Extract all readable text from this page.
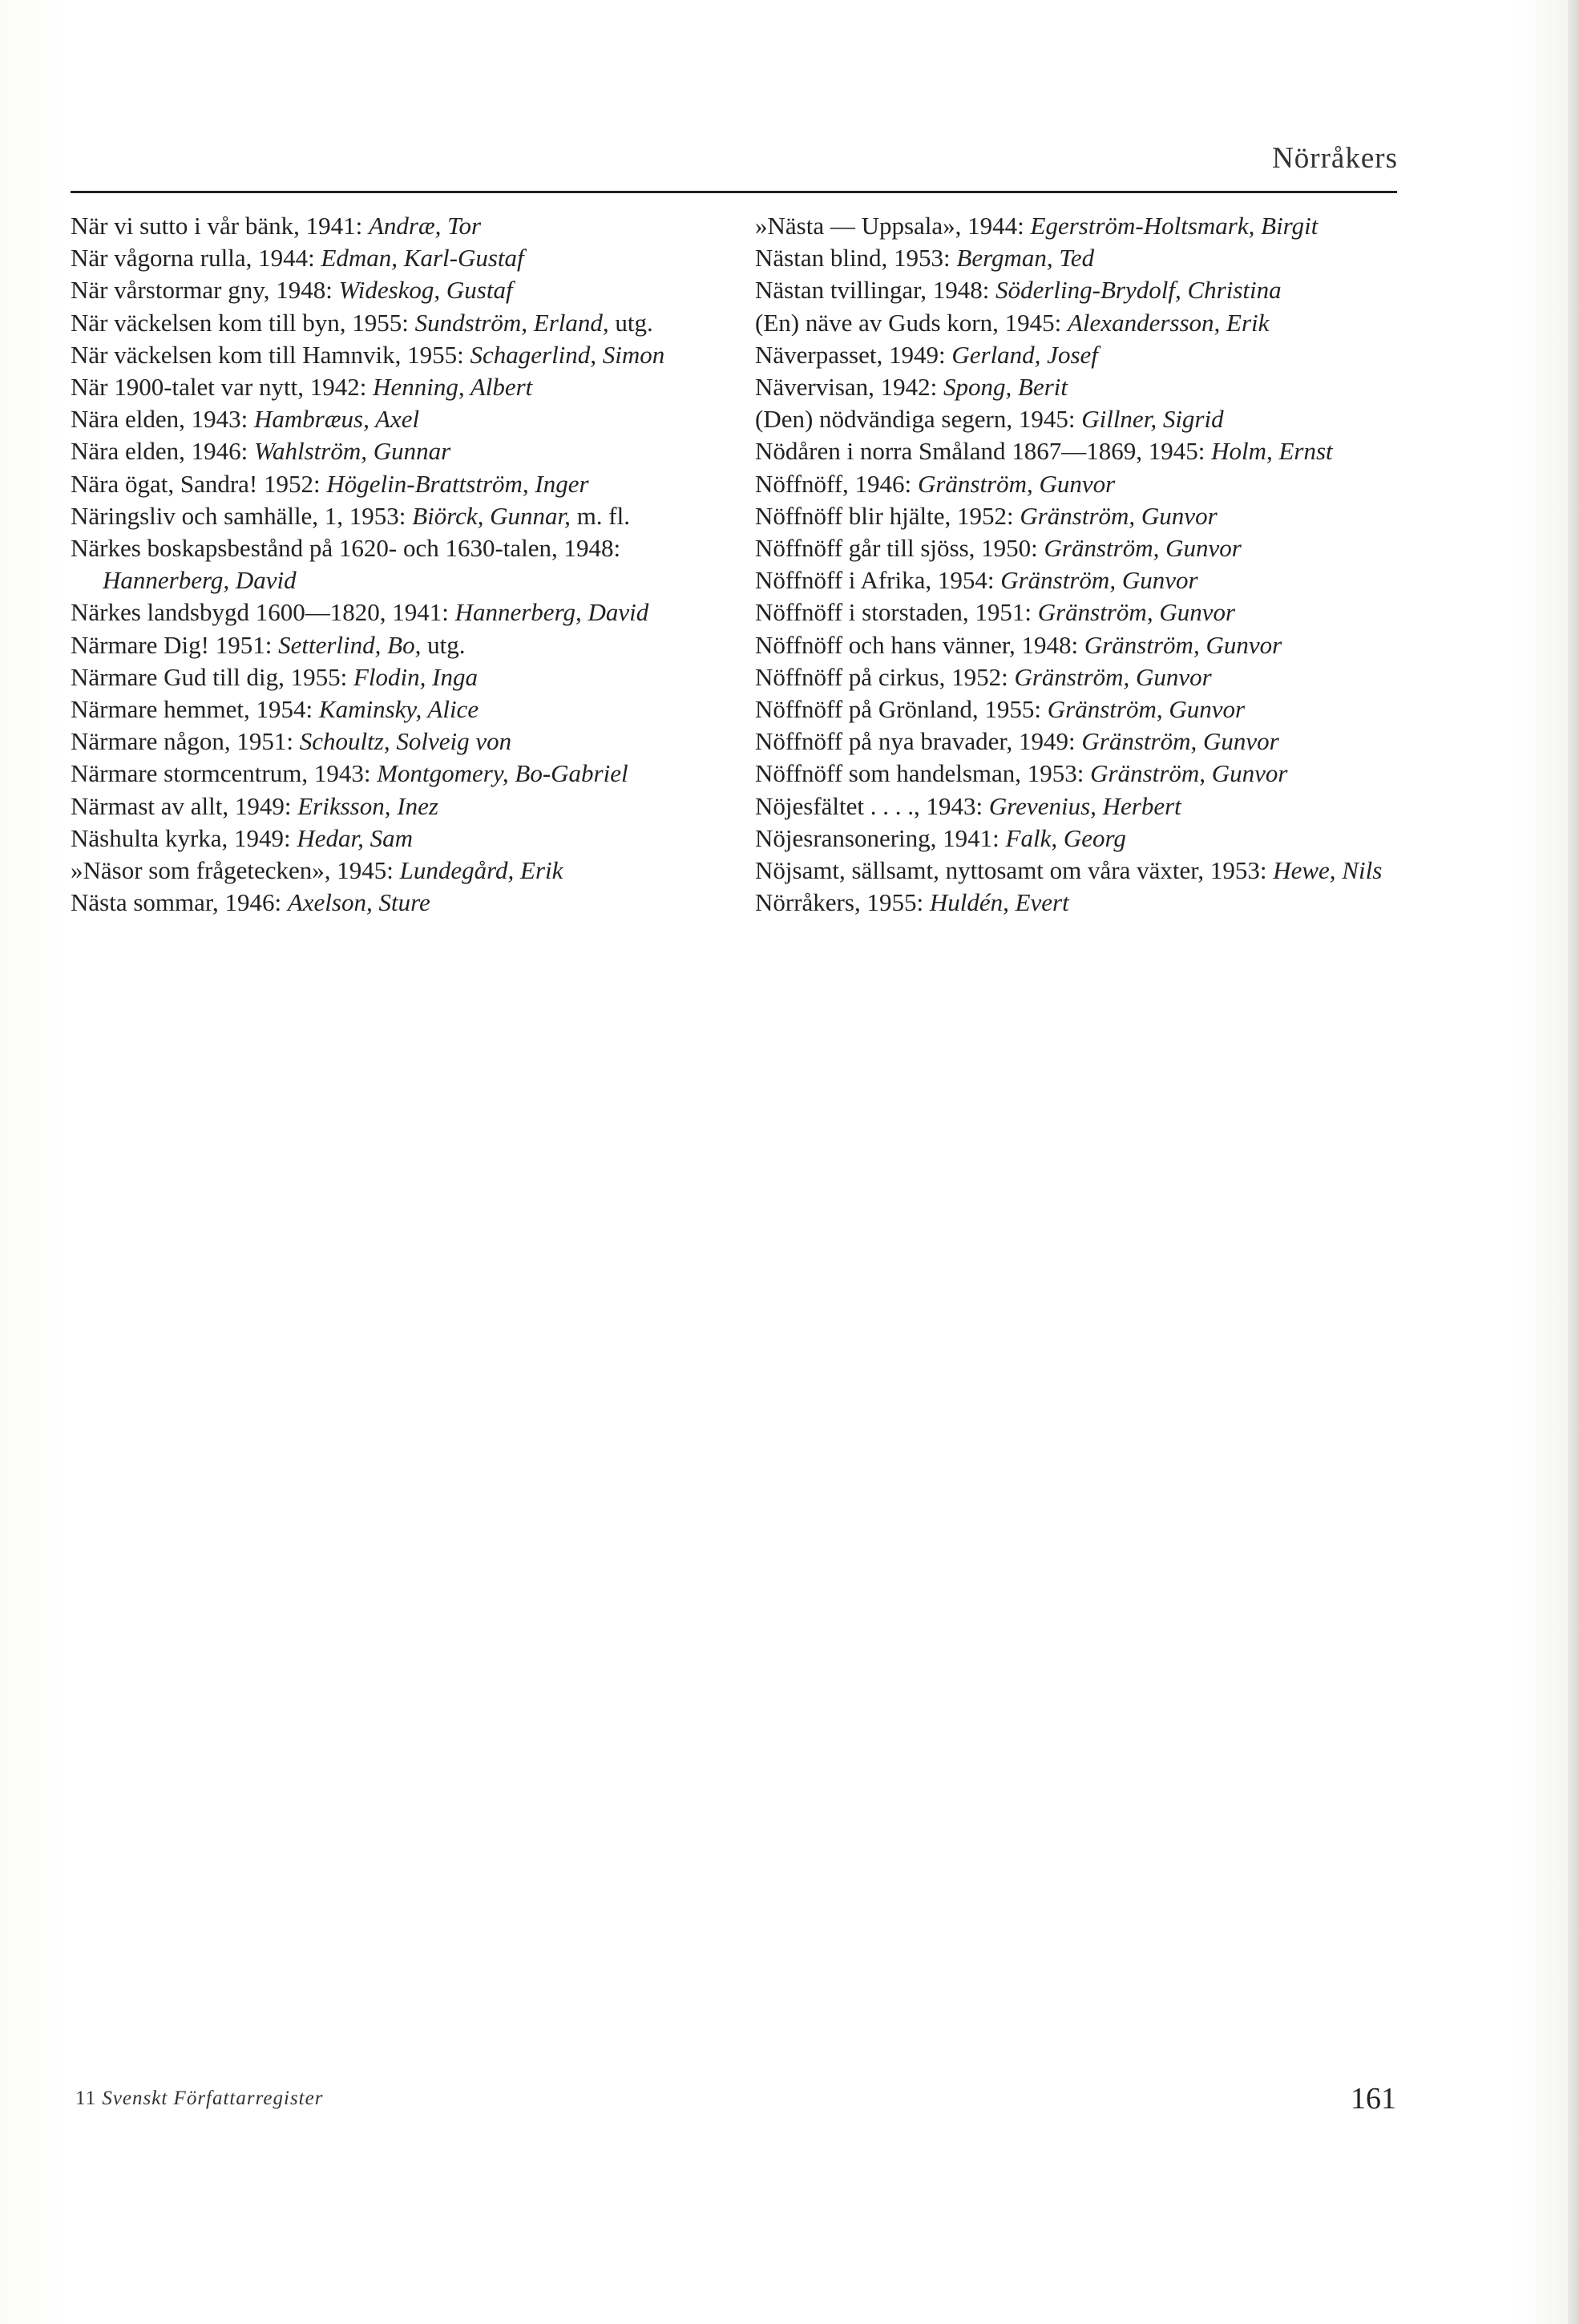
Nörråkers

När vi sutto i vår bänk, 1941: Andræ, Tor

När vågorna rulla, 1944: Edman, Karl-Gustaf

När vårstormar gny, 1948: Wideskog, Gustaf

När väckelsen kom till byn, 1955: Sundström, Erland, utg.

När väckelsen kom till Hamnvik, 1955: Schagerlind, Simon

När 1900-talet var nytt, 1942: Henning, Albert

Nära elden, 1943: Hambræus, Axel

Nära elden, 1946: Wahlström, Gunnar

Nära ögat, Sandra! 1952: Högelin-Brattström, Inger

Näringsliv och samhälle, 1, 1953: Biörck, Gunnar, m. fl.

Närkes boskapsbestånd på 1620- och 1630-talen, 1948: Hannerberg, David

Närkes landsbygd 1600—1820, 1941: Hannerberg, David

Närmare Dig! 1951: Setterlind, Bo, utg.

Närmare Gud till dig, 1955: Flodin, Inga

Närmare hemmet, 1954: Kaminsky, Alice

Närmare någon, 1951: Schoultz, Solveig von

Närmare stormcentrum, 1943: Montgomery, Bo-Gabriel

Närmast av allt, 1949: Eriksson, Inez

Näshulta kyrka, 1949: Hedar, Sam

»Näsor som frågetecken», 1945: Lundegård, Erik

Nästa sommar, 1946: Axelson, Sture

»Nästa — Uppsala», 1944: Egerström-Holtsmark, Birgit

Nästan blind, 1953: Bergman, Ted

Nästan tvillingar, 1948: Söderling-Brydolf, Christina

(En) näve av Guds korn, 1945: Alexandersson, Erik

Näverpasset, 1949: Gerland, Josef

Nävervisan, 1942: Spong, Berit

(Den) nödvändiga segern, 1945: Gillner, Sigrid

Nödåren i norra Småland 1867—1869, 1945: Holm, Ernst

Nöffnöff, 1946: Gränström, Gunvor

Nöffnöff blir hjälte, 1952: Gränström, Gunvor

Nöffnöff går till sjöss, 1950: Gränström, Gunvor

Nöffnöff i Afrika, 1954: Gränström, Gunvor

Nöffnöff i storstaden, 1951: Gränström, Gunvor

Nöffnöff och hans vänner, 1948: Gränström, Gunvor

Nöffnöff på cirkus, 1952: Gränström, Gunvor

Nöffnöff på Grönland, 1955: Gränström, Gunvor

Nöffnöff på nya bravader, 1949: Gränström, Gunvor

Nöffnöff som handelsman, 1953: Gränström, Gunvor

Nöjesfältet . . . ., 1943: Grevenius, Herbert

Nöjesransonering, 1941: Falk, Georg

Nöjsamt, sällsamt, nyttosamt om våra växter, 1953: Hewe, Nils

Nörråkers, 1955: Huldén, Evert

11 Svenskt Författarregister	161
